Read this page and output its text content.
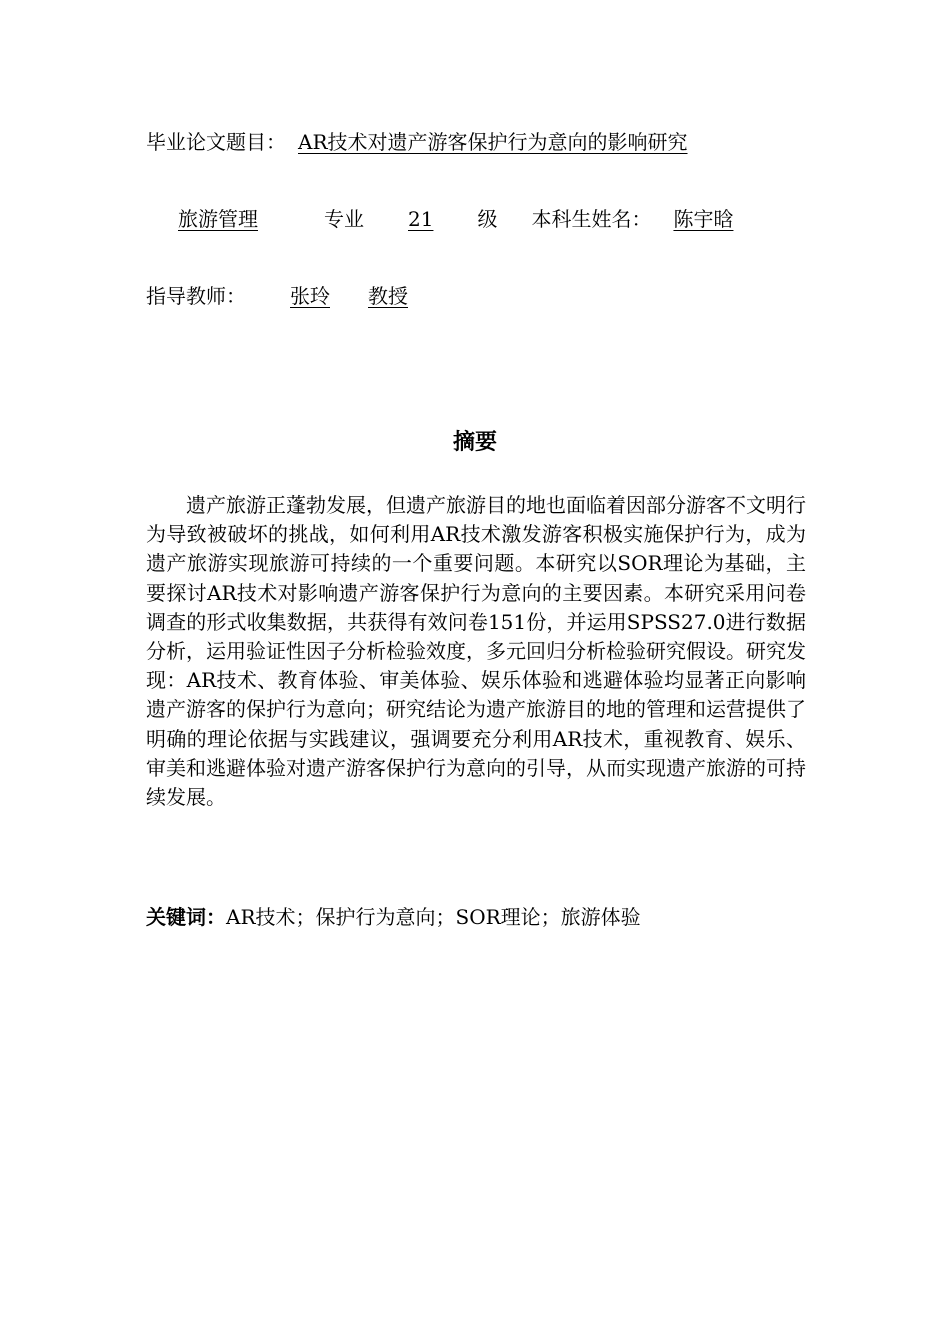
毕业论文题目： AR技术对遗产游客保护行为意向的影响研究
旅游管理	专业 21 级 本科生姓名： 陈宇晗
指导教师： 张玲 教授
摘要
遗产旅游正蓬勃发展，但遗产旅游目的地也面临着因部分游客不文明行为导致被破坏的挑战，如何利用AR技术激发游客积极实施保护行为，成为遗产旅游实现旅游可持续的一个重要问题。本研究以SOR理论为基础，主要探讨AR技术对影响遗产游客保护行为意向的主要因素。本研究采用问卷调查的形式收集数据，共获得有效问卷151份，并运用SPSS27.0进行数据分析，运用验证性因子分析检验效度，多元回归分析检验研究假设。研究发现：AR技术、教育体验、审美体验、娱乐体验和逃避体验均显著正向影响遗产游客的保护行为意向；研究结论为遗产旅游目的地的管理和运营提供了明确的理论依据与实践建议，强调要充分利用AR技术，重视教育、娱乐、审美和逃避体验对遗产游客保护行为意向的引导，从而实现遗产旅游的可持续发展。
关键词：AR技术；保护行为意向；SOR理论；旅游体验
